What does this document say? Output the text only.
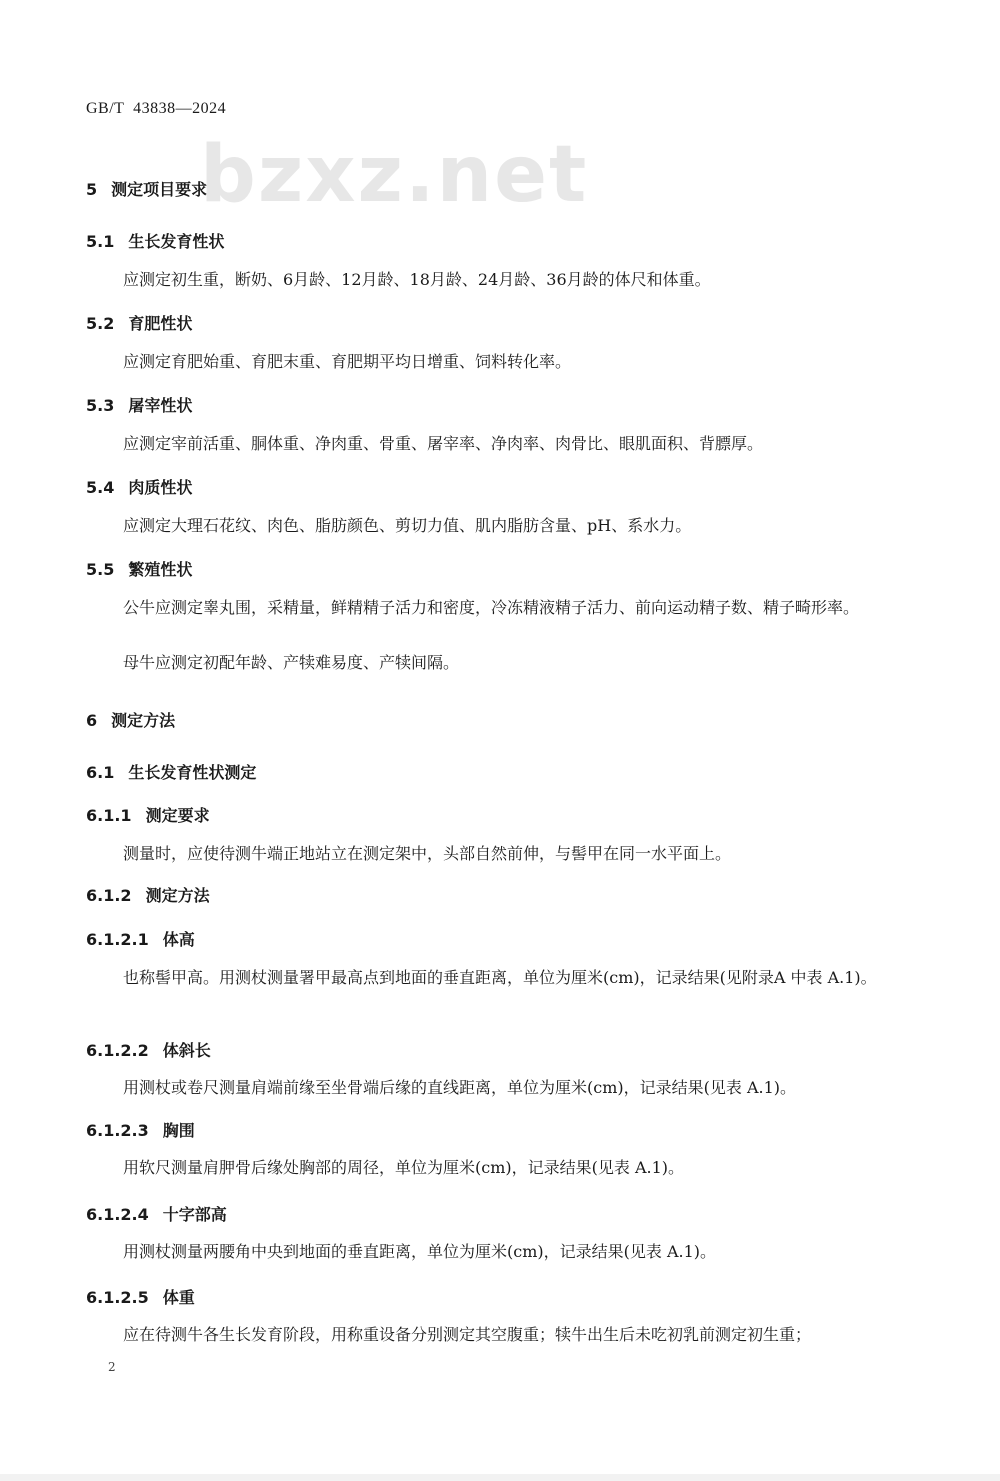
GB/T  43838—2024
bzxz.net
5 测定项目要求
5.1 生长发育性状
应测定初生重，断奶、6月龄、12月龄、18月龄、24月龄、36月龄的体尺和体重。
5.2 育肥性状
应测定育肥始重、育肥末重、育肥期平均日增重、饲料转化率。
5.3 屠宰性状
应测定宰前活重、胴体重、净肉重、骨重、屠宰率、净肉率、肉骨比、眼肌面积、背膘厚。
5.4 肉质性状
应测定大理石花纹、肉色、脂肪颜色、剪切力值、肌内脂肪含量、pH、系水力。
5.5 繁殖性状
公牛应测定睾丸围，采精量，鲜精精子活力和密度，冷冻精液精子活力、前向运动精子数、精子畸形率。
母牛应测定初配年龄、产犊难易度、产犊间隔。
6 测定方法
6.1 生长发育性状测定
6.1.1 测定要求
测量时，应使待测牛端正地站立在测定架中，头部自然前伸，与髻甲在同一水平面上。
6.1.2 测定方法
6.1.2.1 体高
也称髻甲高。用测杖测量署甲最高点到地面的垂直距离，单位为厘米(cm)，记录结果(见附录A 中表 A.1)。
6.1.2.2 体斜长
用测杖或卷尺测量肩端前缘至坐骨端后缘的直线距离，单位为厘米(cm)，记录结果(见表 A.1)。
6.1.2.3 胸围
用软尺测量肩胛骨后缘处胸部的周径，单位为厘米(cm)，记录结果(见表 A.1)。
6.1.2.4 十字部高
用测杖测量两腰角中央到地面的垂直距离，单位为厘米(cm)，记录结果(见表 A.1)。
6.1.2.5 体重
应在待测牛各生长发育阶段，用称重设备分别测定其空腹重；犊牛出生后未吃初乳前测定初生重；
2
